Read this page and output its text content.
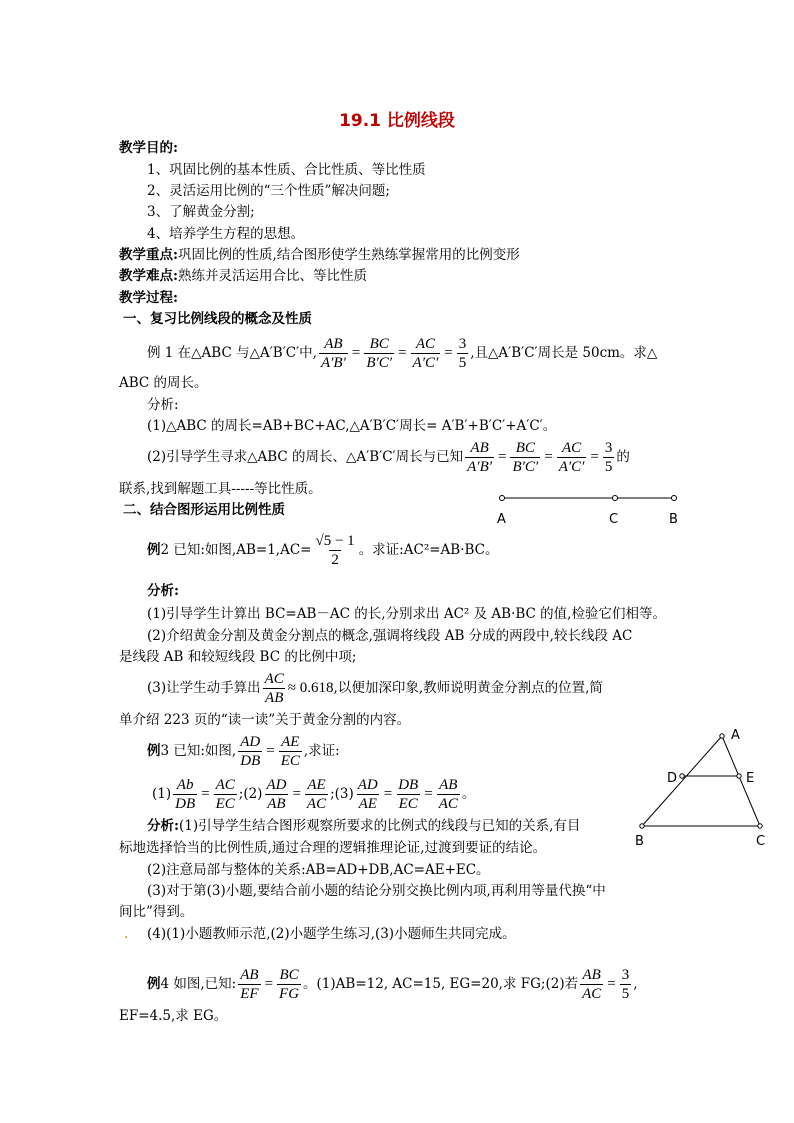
19.1 比例线段
教学目的:
1、巩固比例的基本性质、合比性质、等比性质
2、灵活运用比例的“三个性质”解决问题;
3、了解黄金分割;
4、培养学生方程的思想。
教学重点:巩固比例的性质,结合图形使学生熟练掌握常用的比例变形
教学难点:熟练并灵活运用合比、等比性质
教学过程:
一、复习比例线段的概念及性质
例 1 在△ABC 与△A′B′C′中, $\frac{AB}{A'B'} = \frac{BC}{B'C'} = \frac{AC}{A'C'} = \frac{3}{5}$ ,且△A′B′C′周长是 50cm。求△
ABC 的周长。
分析:
(1)△ABC 的周长=AB+BC+AC,△A′B′C′周长= A′B′+B′C′+A′C′。
(2)引导学生寻求△ABC 的周长、△A′B′C′周长与已知 $\frac{AB}{A'B'} = \frac{BC}{B'C'} = \frac{AC}{A'C'} = \frac{3}{5}$ 的
联系,找到解题工具-----等比性质。
A	C	B
二、结合图形运用比例性质
例 2 已知:如图$,AB=1,AC= \frac{√5 - 1}{2}$ 。求证:AC²=AB·BC。
分析:
(1)引导学生计算出 BC=AB－AC 的长,分别求出 AC² 及 AB·BC 的值,检验它们相等。
(2)介绍黄金分割及黄金分割点的概念,强调将线段 AB 分成的两段中,较长线段 AC
是线段 AB 和较短线段 BC 的比例中项;
(3)让学生动手算出 $\frac{AC}{AB} \approx 0.618$ ,以便加深印象,教师说明黄金分割点的位置,简
单介绍 223 页的“读一读”关于黄金分割的内容。
A
D	E
B	C
例 3 已知:如图, $\frac{AD}{DB} = \frac{AE}{EC}$ ,求证:
$(1) \frac{Ab}{DB} = \frac{AC}{EC}$ ;(2) $\frac{AD}{AB} = \frac{AE}{AC}$ ;(3) $\frac{AD}{AE} = \frac{DB}{EC} = \frac{AB}{AC}$ 。
分析:(1)引导学生结合图形观察所要求的比例式的线段与已知的关系,有目
标地选择恰当的比例性质,通过合理的逻辑推理论证,过渡到要证的结论。
(2)注意局部与整体的关系:AB=AD+DB,AC=AE+EC。
(3)对于第(3)小题,要结合前小题的结论分别交换比例内项,再利用等量代换“中
间比”得到。
. (4)(1)小题教师示范,(2)小题学生练习,(3)小题师生共同完成。
例 4 如图,已知: $\frac{AB}{EF} = \frac{BC}{FG}$ 。(1)AB=12, AC=15, EG=20,求 FG;(2)若 $\frac{AB}{AC} = \frac{3}{5}$ ,
EF=4.5,求 EG。
